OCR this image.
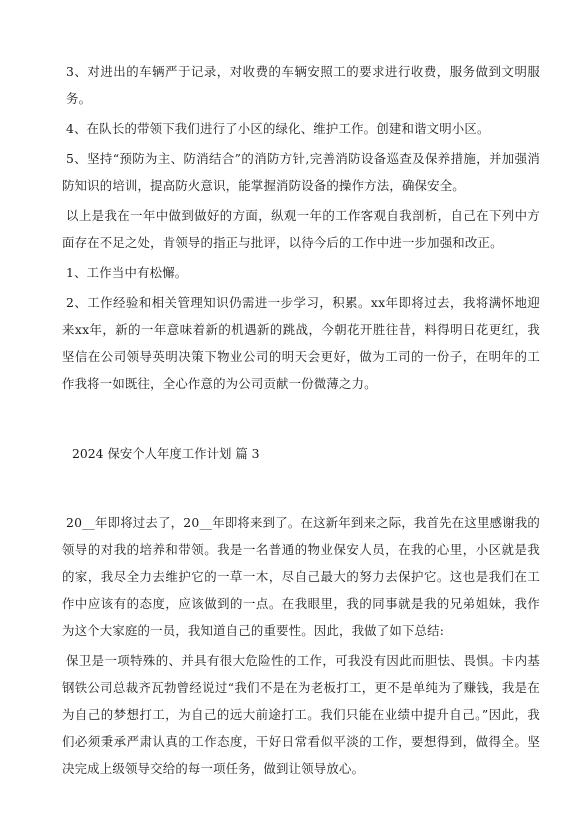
3、对进出的车辆严于记录，对收费的车辆安照工的要求进行收费，服务做到文明服务。

4、在队长的带领下我们进行了小区的绿化、维护工作。创建和谐文明小区。

5、坚持“预防为主、防消结合”的消防方针,完善消防设备巡查及保养措施，并加强消防知识的培训，提高防火意识，能掌握消防设备的操作方法，确保安全。

以上是我在一年中做到做好的方面，纵观一年的工作客观自我剖析，自己在下列中方面存在不足之处，肯领导的指正与批评，以待今后的工作中进一步加强和改正。

1、工作当中有松懈。

2、工作经验和相关管理知识仍需进一步学习，积累。xx年即将过去，我将满怀地迎来xx年，新的一年意味着新的机遇新的跳战，今朝花开胜往昔，料得明日花更红，我坚信在公司领导英明决策下物业公司的明天会更好，做为工司的一份子，在明年的工作我将一如既往，全心作意的为公司贡献一份微薄之力。

2024 保安个人年度工作计划 篇 3

20__年即将过去了，20__年即将来到了。在这新年到来之际，我首先在这里感谢我的领导的对我的培养和带领。我是一名普通的物业保安人员，在我的心里，小区就是我的家，我尽全力去维护它的一草一木，尽自己最大的努力去保护它。这也是我们在工作中应该有的态度，应该做到的一点。在我眼里，我的同事就是我的兄弟姐妹，我作为这个大家庭的一员，我知道自己的重要性。因此，我做了如下总结:

保卫是一项特殊的、并具有很大危险性的工作，可我没有因此而胆怯、畏惧。卡内基钢铁公司总裁齐瓦勃曾经说过“我们不是在为老板打工，更不是单纯为了赚钱，我是在为自己的梦想打工，为自己的远大前途打工。我们只能在业绩中提升自己。”因此，我们必须秉承严肃认真的工作态度，干好日常看似平淡的工作，要想得到，做得全。坚决完成上级领导交给的每一项任务，做到让领导放心。
